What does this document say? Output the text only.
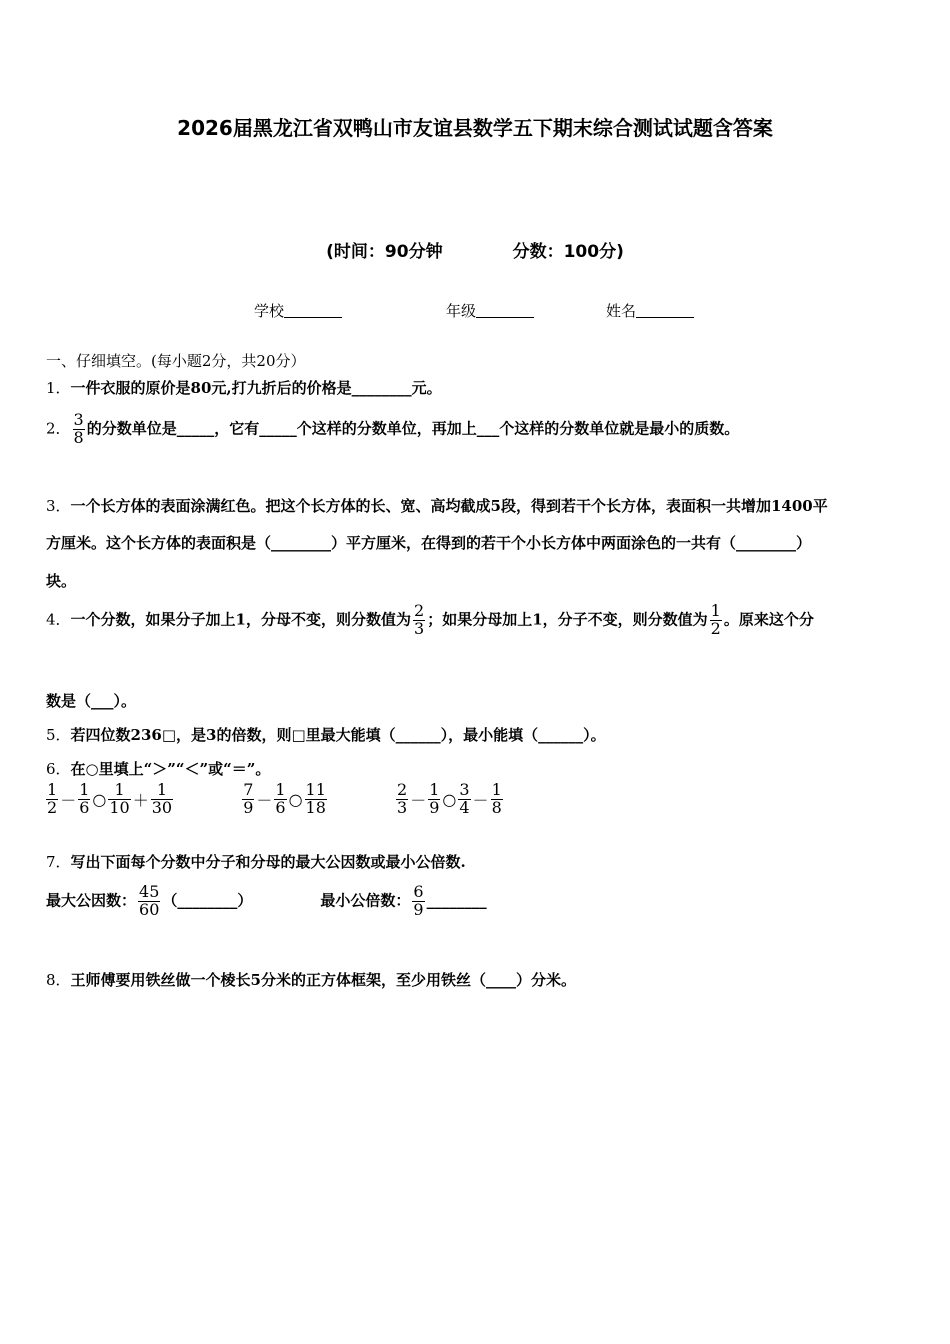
2026届黑龙江省双鸭山市友谊县数学五下期末综合测试试题含答案
(时间：90分钟	分数：100分)
学校	年级	姓名
一、仔细填空。(每小题2分，共20分）
1．一件衣服的原价是80元,打九折后的价格是________元。
2． $\frac{3}{8}$ 的分数单位是_____，它有_____个这样的分数单位，再加上___个这样的分数单位就是最小的质数。
3．一个长方体的表面涂满红色。把这个长方体的长、宽、高均截成5段，得到若干个长方体，表面积一共增加1400平
方厘米。这个长方体的表面积是（________）平方厘米，在得到的若干个小长方体中两面涂色的一共有（________）
块。
4．一个分数，如果分子加上1，分母不变，则分数值为 $\frac{2}{3}$ ；如果分母加上1，分子不变，则分数值为 $\frac{1}{2}$ 。原来这个分
数是（___）。
5．若四位数236□，是3的倍数，则□里最大能填（______），最小能填（______）。
6．在○里填上“＞”“＜”或“＝”。
$\frac{1}{2} - \frac{1}{6}$ ○ $\frac{1}{10} + \frac{1}{30}$
	$\frac{7}{9} - \frac{1}{6}$ ○ $\frac{11}{18}$
	$\frac{2}{3} - \frac{1}{9}$ ○ $\frac{3}{4} - \frac{1}{8}$
7．写出下面每个分数中分子和分母的最大公因数或最小公倍数.
最大公因数： $\frac{45}{60}$ （________）	最小公倍数： $\frac{6}{9}$ ________
8．王师傅要用铁丝做一个棱长5分米的正方体框架，至少用铁丝（____）分米。
